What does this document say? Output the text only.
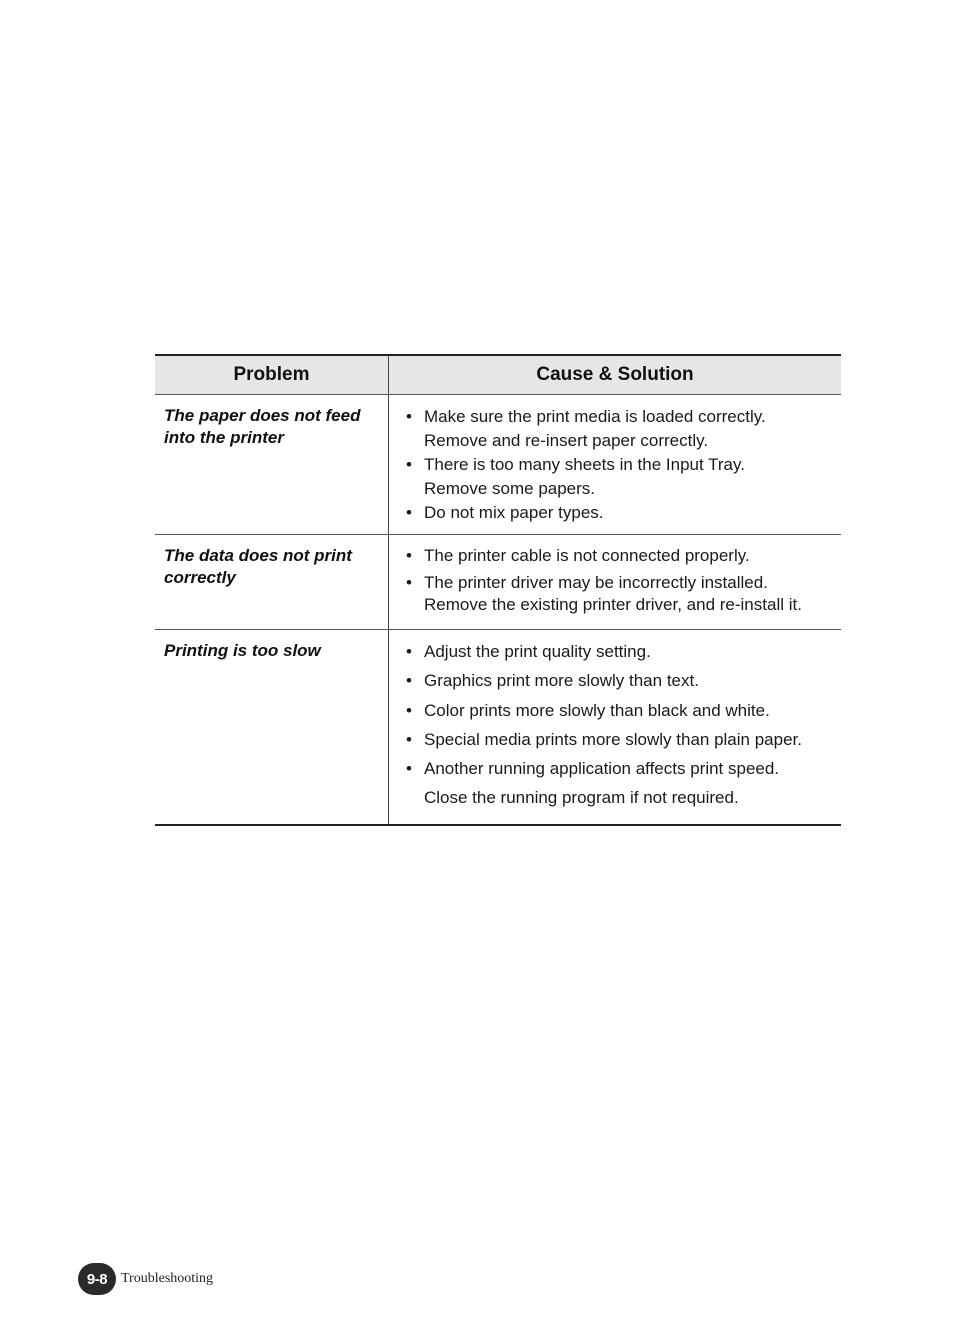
Problem	Cause & Solution
The paper does not feed into the printer
• Make sure the print media is loaded correctly.
Remove and re-insert paper correctly.
• There is too many sheets in the Input Tray.
Remove some papers.
• Do not mix paper types.
The data does not print correctly
• The printer cable is not connected properly.
• The printer driver may be incorrectly installed.
Remove the existing printer driver, and re-install it.
Printing is too slow	• Adjust the print quality setting.
• Graphics print more slowly than text.
• Color prints more slowly than black and white.
• Special media prints more slowly than plain paper.
• Another running application affects print speed.
Close the running program if not required.
9-8 Troubleshooting
